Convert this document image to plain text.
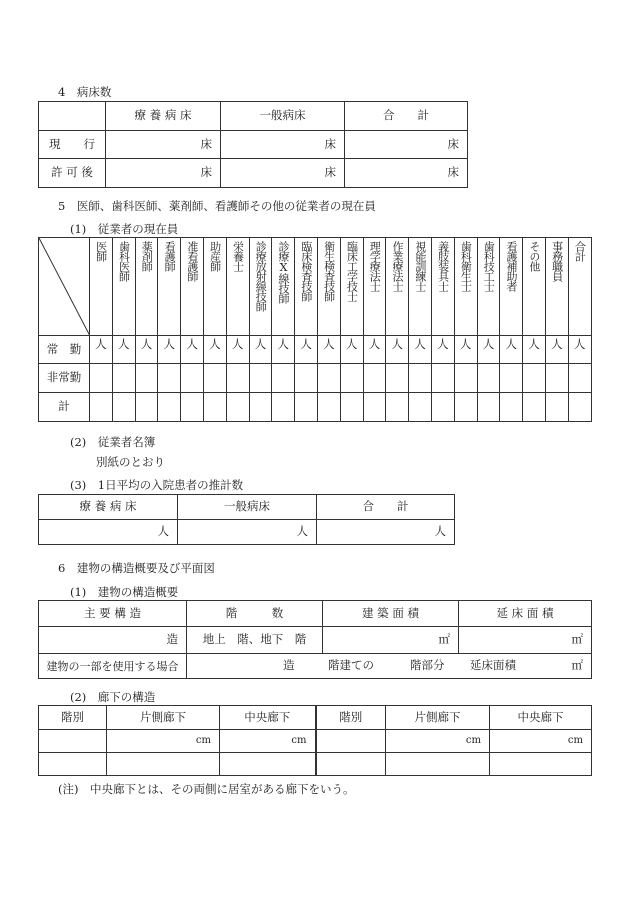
4　病床数
	療 養 病 床	一般病床	合　　計
現　　行	床	床	床
許 可 後	床	床	床
5　医師、歯科医師、薬剤師、看護師その他の従業者の現在員
(1)　従業者の現在員
	医師	歯科医師	薬剤師	看護師	准看護師	助産師	栄養士	診療放射線技師	診療X線技師	臨床検査技師	衛生検査技師	臨床工学技士	理学療法士	作業療法士	視能訓練士	義肢装具士	歯科衛生士	歯科技工士	看護補助者	その他	事務職員	合計
常　勤	人	人	人	人	人	人	人	人	人	人	人	人	人	人	人	人	人	人	人	人	人	人
非常勤																						
計																						
(2)　従業者名簿
別紙のとおり
(3)　1日平均の入院患者の推計数
療 養 病 床	一般病床	合　　計
人	人	人
6　建物の構造概要及び平面図
(1)　建物の構造概要
主 要 構 造	階　　　数	建 築 面 積	延 床 面 積
造	地上　階、地下　階	㎡	㎡
建物の一部を使用する場合	造 階建ての 階部分 延床面積 ㎡		
(2)　廊下の構造
階別	片側廊下	中央廊下	階別	片側廊下	中央廊下
	cm	cm		cm	cm

(注)　中央廊下とは、その両側に居室がある廊下をいう。
